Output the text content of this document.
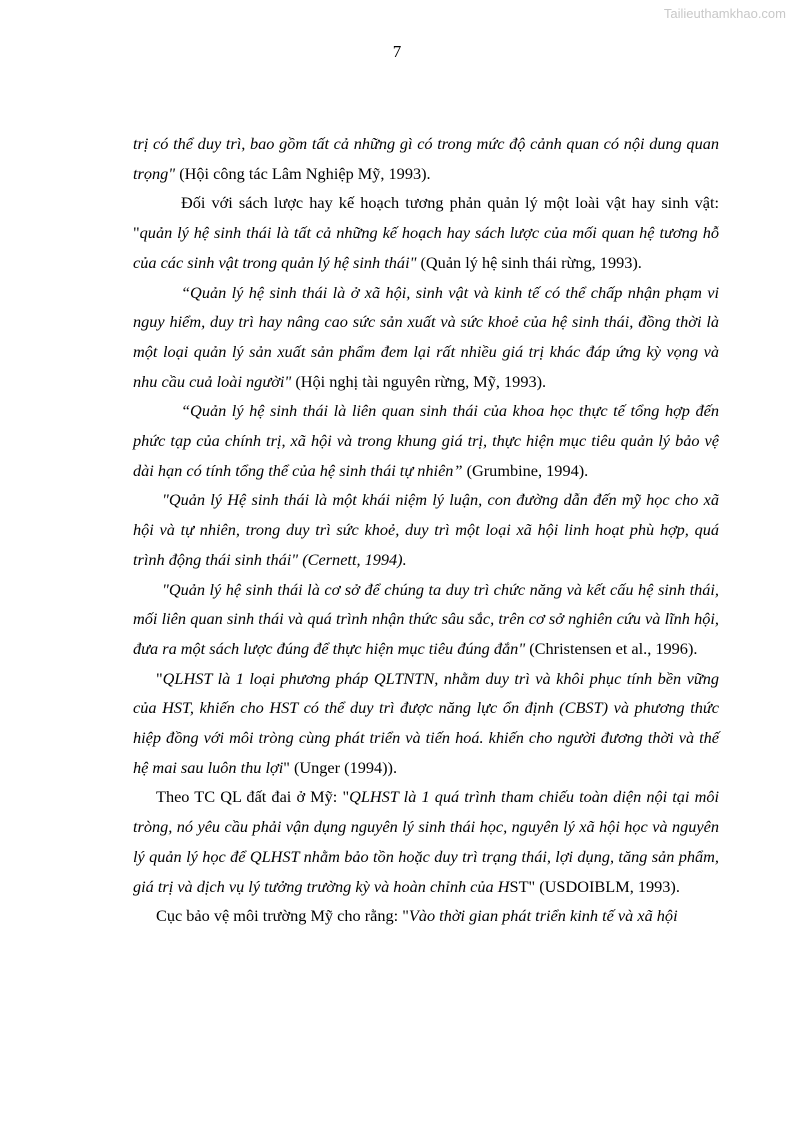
Tailieuthamkhao.com
7

trị có thể duy trì, bao gồm tất cả những gì có trong mức độ cảnh quan có nội dung quan trọng" (Hội công tác Lâm Nghiệp Mỹ, 1993).

Đối với sách lược hay kế hoạch tương phản quản lý một loài vật hay sinh vật: "quản lý hệ sinh thái là tất cả những kế hoạch hay sách lược của mối quan hệ tương hỗ của các sinh vật trong quản lý hệ sinh thái" (Quản lý hệ sinh thái rừng, 1993).

“Quản lý hệ sinh thái là ở xã hội, sinh vật và kinh tế có thể chấp nhận phạm vi nguy hiểm, duy trì hay nâng cao sức sản xuất và sức khoẻ của hệ sinh thái, đồng thời là một loại quản lý sản xuất sản phẩm đem lại rất nhiều giá trị khác đáp ứng kỳ vọng và nhu cầu cuả loài người" (Hội nghị tài nguyên rừng, Mỹ, 1993).

“Quản lý hệ sinh thái là liên quan sinh thái của khoa học thực tế tổng hợp đến phức tạp của chính trị, xã hội và trong khung giá trị, thực hiện mục tiêu quản lý bảo vệ dài hạn có tính tổng thể của hệ sinh thái tự nhiên” (Grumbine, 1994).

"Quản lý Hệ sinh thái là một khái niệm lý luận, con đường dẫn đến mỹ học cho xã hội và tự nhiên, trong duy trì sức khoẻ, duy trì một loại xã hội linh hoạt phù hợp, quá trình động thái sinh thái" (Cernett, 1994).

"Quản lý hệ sinh thái là cơ sở để chúng ta duy trì chức năng và kết cấu hệ sinh thái, mối liên quan sinh thái và quá trình nhận thức sâu sắc, trên cơ sở nghiên cứu và lĩnh hội, đưa ra một sách lược đúng để thực hiện mục tiêu đúng đắn" (Christensen et al., 1996).

"QLHST là 1 loại phương pháp QLTNTN, nhằm duy trì và khôi phục tính bền vững của HST, khiến cho HST có thể duy trì được năng lực ổn định (CBST) và phương thức hiệp đồng với môi tròng cùng phát triển và tiến hoá. khiến cho người đương thời và thế hệ mai sau luôn thu lợi" (Unger (1994)).

Theo TC QL đất đai ở Mỹ: "QLHST là 1 quá trình tham chiếu toàn diện nội tại môi tròng, nó yêu cầu phải vận dụng nguyên lý sinh thái học, nguyên lý xã hội học và nguyên lý quản lý học để QLHST nhằm bảo tồn hoặc duy trì trạng thái, lợi dụng, tăng sản phẩm, giá trị và dịch vụ lý tưởng trường kỳ và hoàn chỉnh của HST" (USDOIBLM, 1993).

Cục bảo vệ môi trường Mỹ cho rằng: "Vào thời gian phát triển kinh tế và xã hội
